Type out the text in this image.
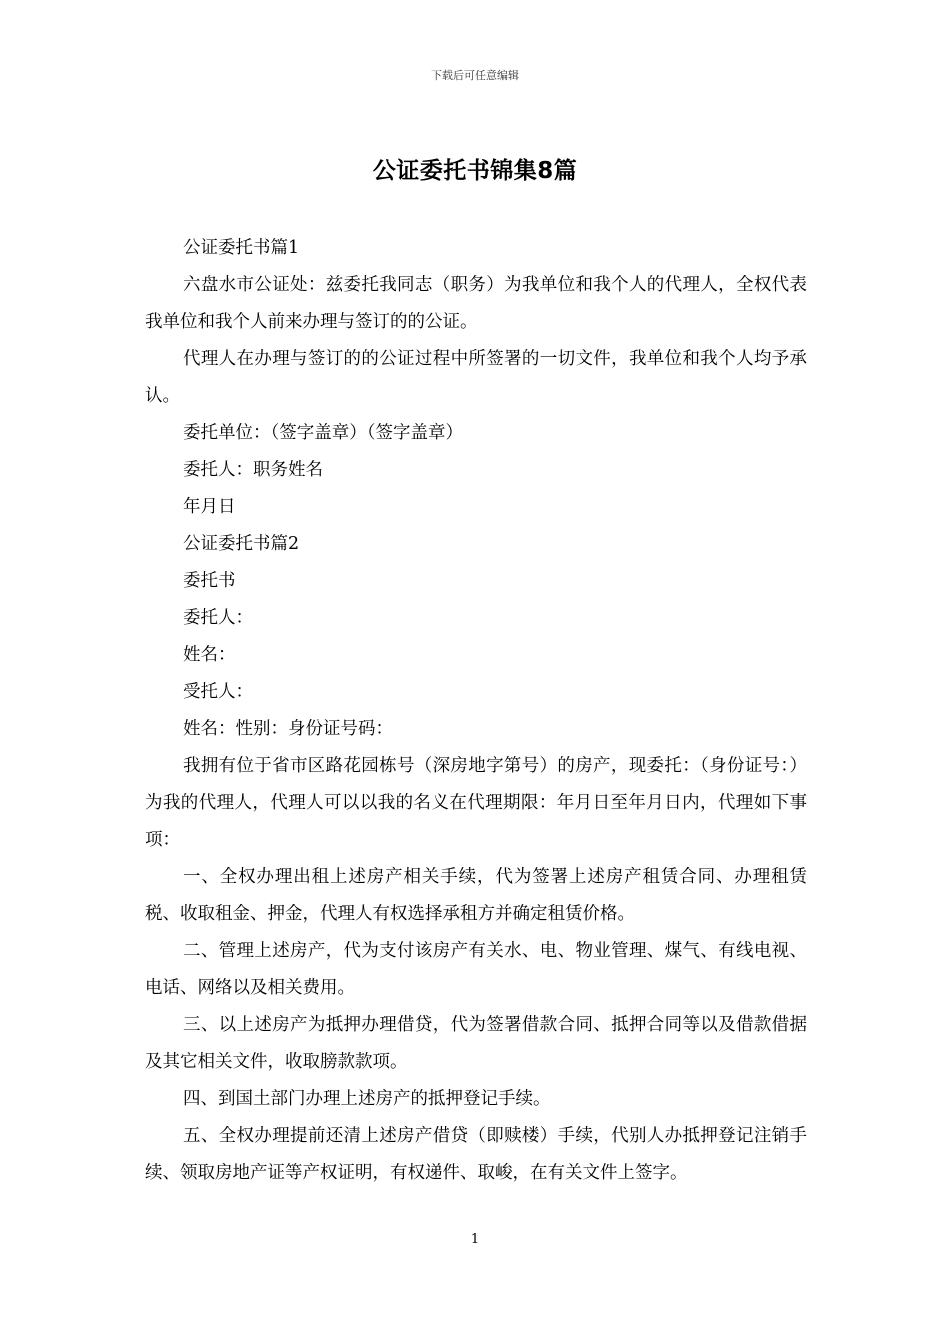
下载后可任意编辑
公证委托书锦集8篇

公证委托书篇1

六盘水市公证处：兹委托我同志（职务）为我单位和我个人的代理人，全权代表我单位和我个人前来办理与签订的的公证。

代理人在办理与签订的的公证过程中所签署的一切文件，我单位和我个人均予承认。

委托单位：（签字盖章）（签字盖章）

委托人：职务姓名

年月日

公证委托书篇2

委托书

委托人：

姓名：

受托人：

姓名：性别：身份证号码：

我拥有位于省市区路花园栋号（深房地字第号）的房产，现委托：（身份证号：）为我的代理人，代理人可以以我的名义在代理期限：年月日至年月日内，代理如下事项：

一、全权办理出租上述房产相关手续，代为签署上述房产租赁合同、办理租赁税、收取租金、押金，代理人有权选择承租方并确定租赁价格。

二、管理上述房产，代为支付该房产有关水、电、物业管理、煤气、有线电视、电话、网络以及相关费用。

三、以上述房产为抵押办理借贷，代为签署借款合同、抵押合同等以及借款借据及其它相关文件，收取膀款款项。

四、到国土部门办理上述房产的抵押登记手续。

五、全权办理提前还清上述房产借贷（即赎楼）手续，代别人办抵押登记注销手续、领取房地产证等产权证明，有权递件、取峻，在有关文件上签字。

1
